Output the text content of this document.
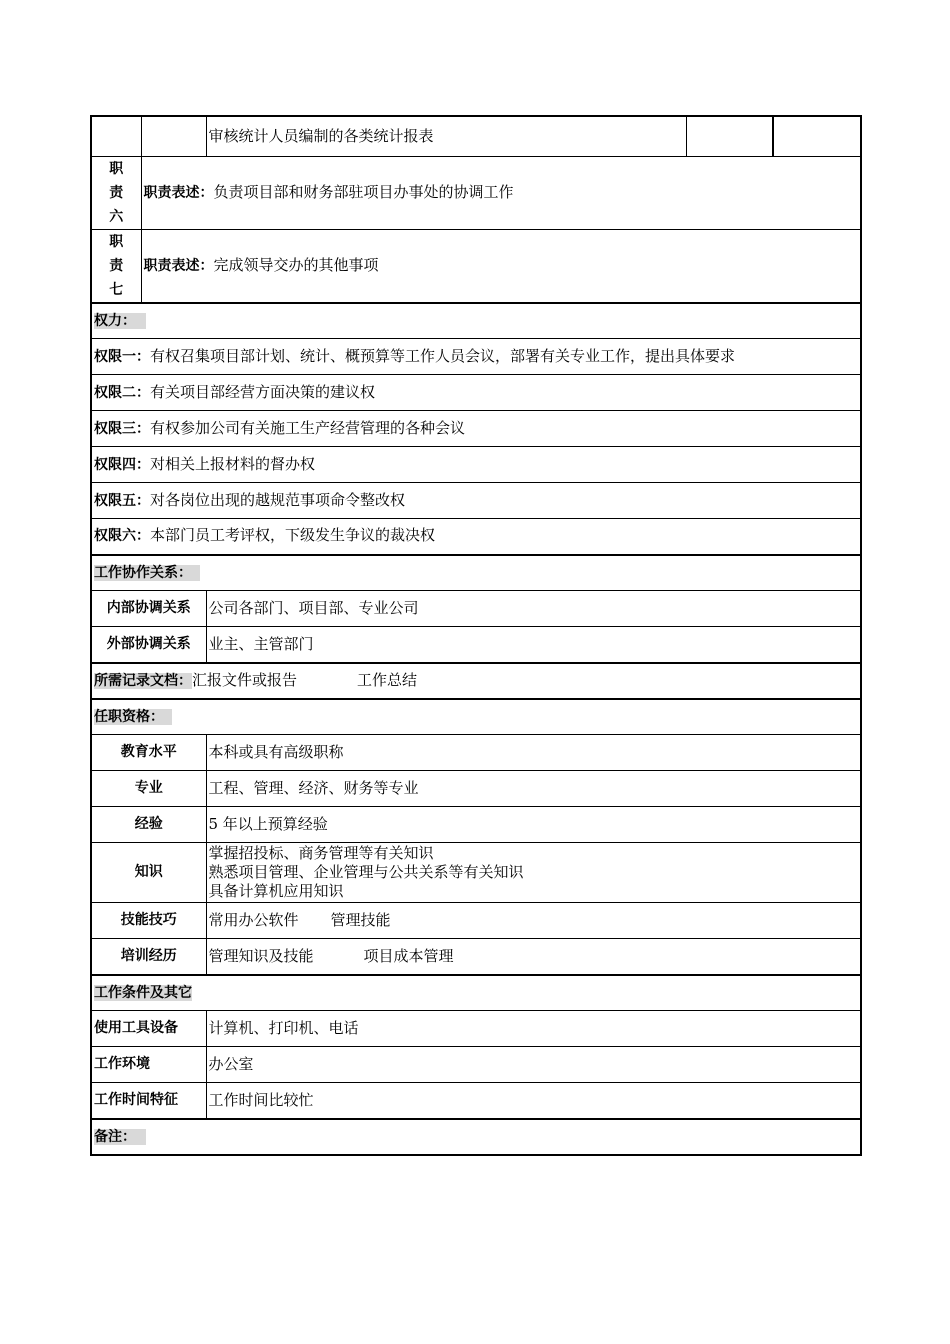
		审核统计人员编制的各类统计报表		

职
责
六	职责表述：负责项目部和财务部驻项目办事处的协调工作			

职
责
七	职责表述：完成领导交办的其他事项			
权力：				
权限一：有权召集项目部计划、统计、概预算等工作人员会议，部署有关专业工作，提出具体要求				
权限二：有关项目部经营方面决策的建议权				
权限三：有权参加公司有关施工生产经营管理的各种会议				
权限四：对相关上报材料的督办权				
权限五：对各岗位出现的越规范事项命令整改权				
权限六：本部门员工考评权，下级发生争议的裁决权				
工作协作关系：				
内部协调关系		公司各部门、项目部、专业公司		
外部协调关系		业主、主管部门		
所需记录文档：汇报文件或报告 工作总结				
任职资格：				
教育水平		本科或具有高级职称		
专业		工程、管理、经济、财务等专业		
经验		5 年以上预算经验		
知识		掌握招投标、商务管理等有关知识
熟悉项目管理、企业管理与公共关系等有关知识
具备计算机应用知识		

技能技巧		常用办公软件 管理技能		
培训经历		管理知识及技能 项目成本管理		
工作条件及其它				
使用工具设备		计算机、打印机、电话		
工作环境		办公室		
工作时间特征		工作时间比较忙		
备注：				
